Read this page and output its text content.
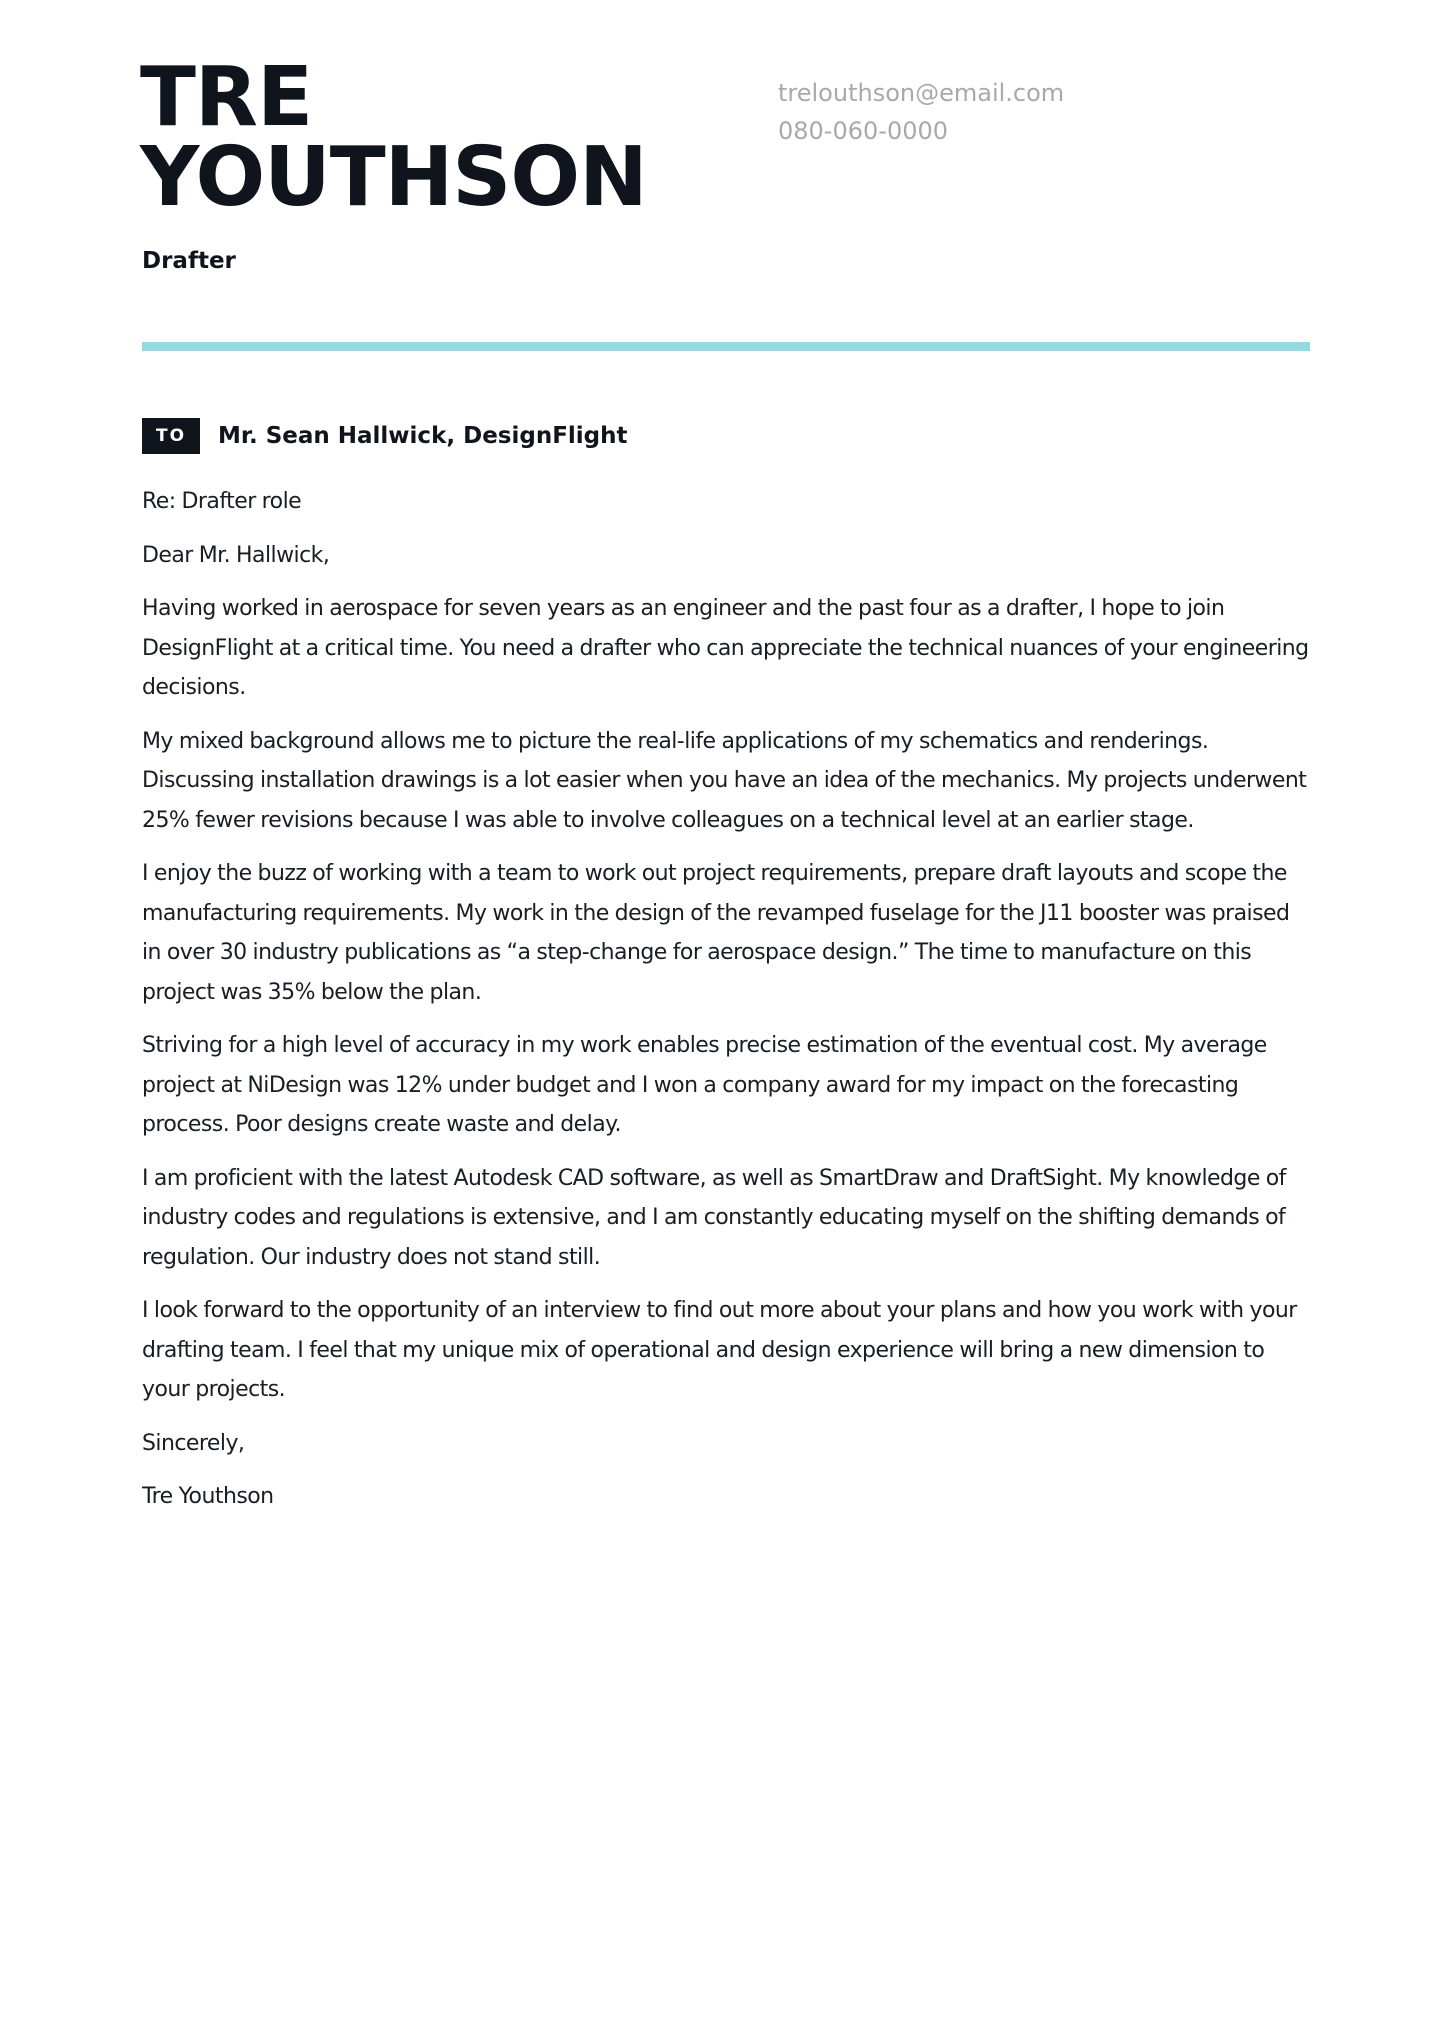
TRE
YOUTHSON
Drafter
trelouthson@email.com
080-060-0000
TO	Mr. Sean Hallwick, DesignFlight

Re: Drafter role

Dear Mr. Hallwick,

Having worked in aerospace for seven years as an engineer and the past four as a drafter, I hope to join DesignFlight at a critical time. You need a drafter who can appreciate the technical nuances of your engineering decisions.

My mixed background allows me to picture the real-life applications of my schematics and renderings. Discussing installation drawings is a lot easier when you have an idea of the mechanics. My projects underwent 25% fewer revisions because I was able to involve colleagues on a technical level at an earlier stage.

I enjoy the buzz of working with a team to work out project requirements, prepare draft layouts and scope the manufacturing requirements. My work in the design of the revamped fuselage for the J11 booster was praised in over 30 industry publications as “a step-change for aerospace design.” The time to manufacture on this project was 35% below the plan.

Striving for a high level of accuracy in my work enables precise estimation of the eventual cost. My average project at NiDesign was 12% under budget and I won a company award for my impact on the forecasting process. Poor designs create waste and delay.

I am proficient with the latest Autodesk CAD software, as well as SmartDraw and DraftSight. My knowledge of industry codes and regulations is extensive, and I am constantly educating myself on the shifting demands of regulation. Our industry does not stand still.

I look forward to the opportunity of an interview to find out more about your plans and how you work with your drafting team. I feel that my unique mix of operational and design experience will bring a new dimension to your projects.

Sincerely,

Tre Youthson
